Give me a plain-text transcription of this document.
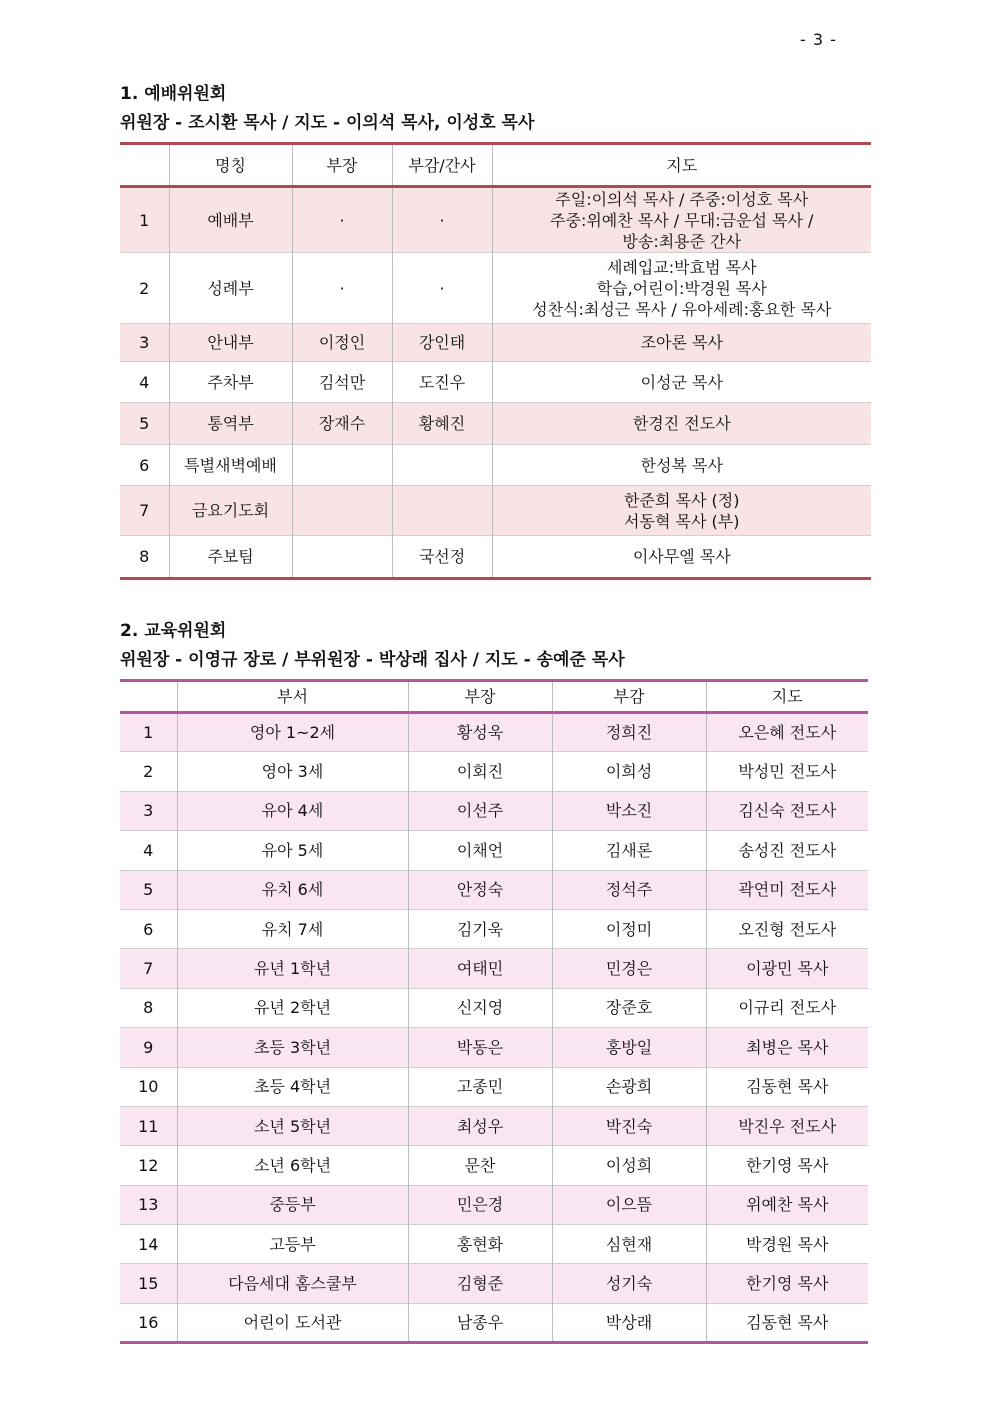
- 3 -

1. 예배위원회

위원장 - 조시환 목사 / 지도 - 이의석 목사, 이성호 목사

	명칭	부장	부감/간사	지도
1	예배부	·	·	주일:이의석 목사 / 주중:이성호 목사
주중:위예찬 목사 / 무대:금운섭 목사 /
방송:최용준 간사

2	성례부	·	·	세례입교:박효범 목사
학습,어린이:박경원 목사
성찬식:최성근 목사 / 유아세례:홍요한 목사

3	안내부	이정인	강인태	조아론 목사

4	주차부	김석만	도진우	이성군 목사

5	통역부	장재수	황혜진	한경진 전도사

6	특별새벽예배			한성복 목사

7	금요기도회			한준희 목사 (정)
서동혁 목사 (부)

8	주보팀		국선정	이사무엘 목사

2. 교육위원회

위원장 - 이영규 장로 / 부위원장 - 박상래 집사 / 지도 - 송예준 목사

	부서	부장	부감	지도
1	영아 1~2세	황성욱	정희진	오은혜 전도사
2	영아 3세	이회진	이희성	박성민 전도사
3	유아 4세	이선주	박소진	김신숙 전도사
4	유아 5세	이채언	김새론	송성진 전도사
5	유치 6세	안정숙	정석주	곽연미 전도사
6	유치 7세	김기욱	이정미	오진형 전도사
7	유년 1학년	여태민	민경은	이광민 목사
8	유년 2학년	신지영	장준호	이규리 전도사
9	초등 3학년	박동은	홍방일	최병은 목사
10	초등 4학년	고종민	손광희	김동현 목사
11	소년 5학년	최성우	박진숙	박진우 전도사
12	소년 6학년	문찬	이성희	한기영 목사
13	중등부	민은경	이으뜸	위예찬 목사
14	고등부	홍현화	심현재	박경원 목사
15	다음세대 홈스쿨부	김형준	성기숙	한기영 목사
16	어린이 도서관	남종우	박상래	김동현 목사
